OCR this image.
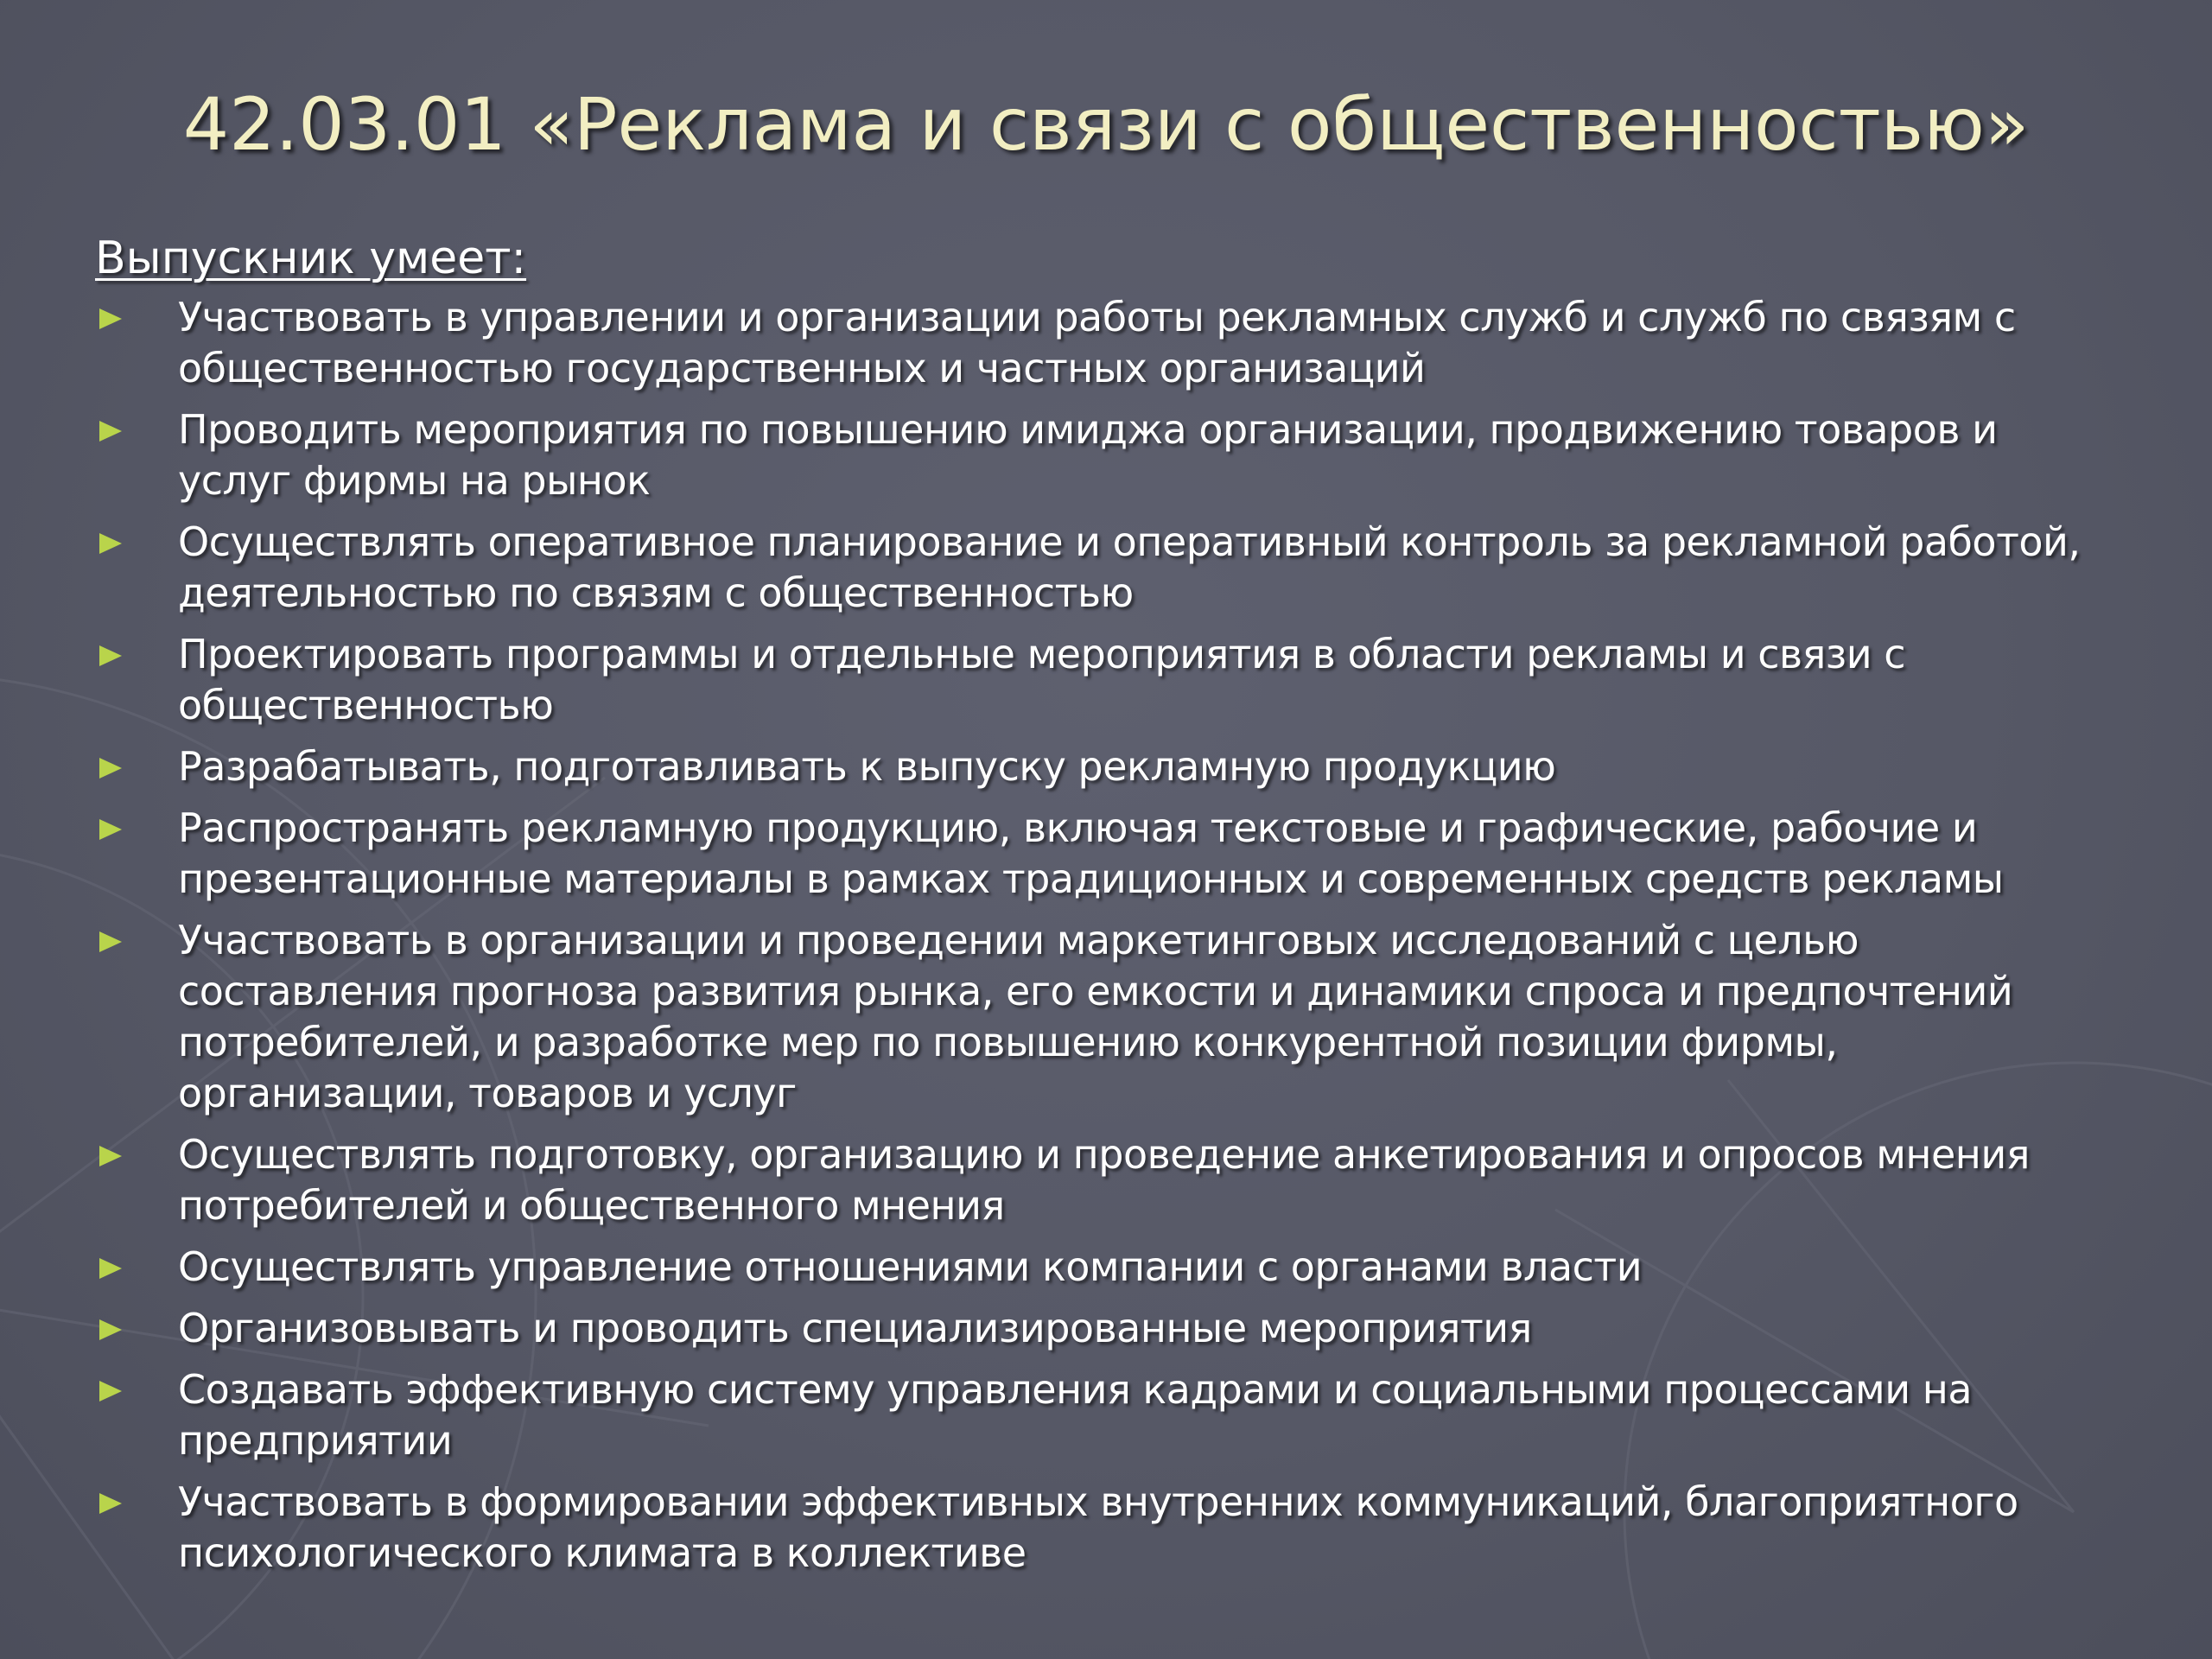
42.03.01 «Реклама и связи с общественностью»
Выпускник умеет:
Участвовать в управлении и организации работы рекламных служб и служб по связям с общественностью государственных и частных организаций
Проводить мероприятия по повышению имиджа организации, продвижению товаров и услуг фирмы на рынок
Осуществлять оперативное планирование и оперативный контроль за рекламной работой, деятельностью по связям с общественностью
Проектировать программы и отдельные мероприятия в области рекламы и связи с общественностью
Разрабатывать, подготавливать к выпуску рекламную продукцию
Распространять рекламную продукцию, включая текстовые и графические, рабочие и презентационные материалы в рамках традиционных и современных средств рекламы
Участвовать в организации и проведении маркетинговых исследований с целью составления прогноза развития рынка, его емкости и динамики спроса и предпочтений потребителей, и разработке мер по повышению конкурентной позиции фирмы, организации, товаров и услуг
Осуществлять подготовку, организацию и проведение анкетирования и опросов мнения потребителей и общественного мнения
Осуществлять управление отношениями компании с органами власти
Организовывать и проводить специализированные мероприятия
Создавать эффективную систему управления кадрами и социальными процессами на предприятии
Участвовать в формировании эффективных внутренних коммуникаций, благоприятного психологического климата в коллективе
